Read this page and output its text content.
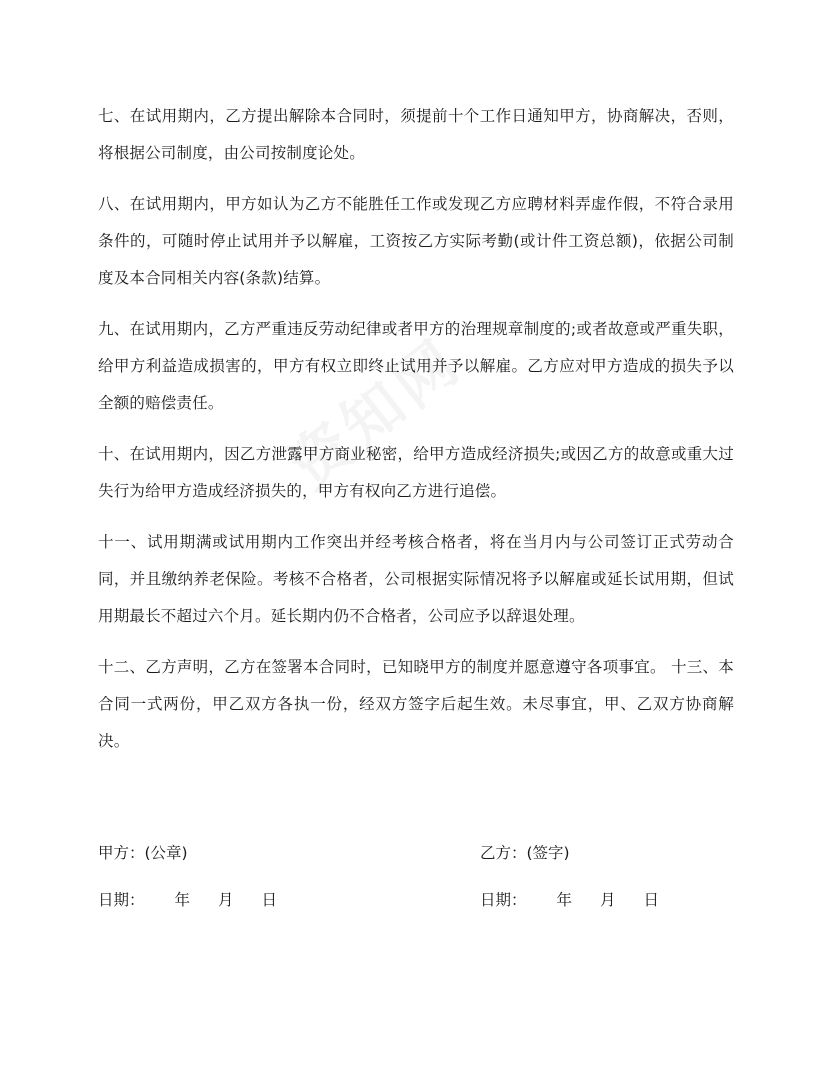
七、在试用期内，乙方提出解除本合同时，须提前十个工作日通知甲方，协商解决，否则，将根据公司制度，由公司按制度论处。

八、在试用期内，甲方如认为乙方不能胜任工作或发现乙方应聘材料弄虚作假，不符合录用条件的，可随时停止试用并予以解雇，工资按乙方实际考勤(或计件工资总额)，依据公司制度及本合同相关内容(条款)结算。

九、在试用期内，乙方严重违反劳动纪律或者甲方的治理规章制度的;或者故意或严重失职，给甲方利益造成损害的，甲方有权立即终止试用并予以解雇。乙方应对甲方造成的损失予以全额的赔偿责任。

十、在试用期内，因乙方泄露甲方商业秘密，给甲方造成经济损失;或因乙方的故意或重大过失行为给甲方造成经济损失的，甲方有权向乙方进行追偿。

十一、试用期满或试用期内工作突出并经考核合格者，将在当月内与公司签订正式劳动合同，并且缴纳养老保险。考核不合格者，公司根据实际情况将予以解雇或延长试用期，但试用期最长不超过六个月。延长期内仍不合格者，公司应予以辞退处理。

十二、乙方声明，乙方在签署本合同时，已知晓甲方的制度并愿意遵守各项事宜。 十三、本合同一式两份，甲乙双方各执一份，经双方签字后起生效。未尽事宜，甲、乙双方协商解决。

甲方：(公章)	乙方：(签字)
日期： 年 月 日	日期： 年 月 日
